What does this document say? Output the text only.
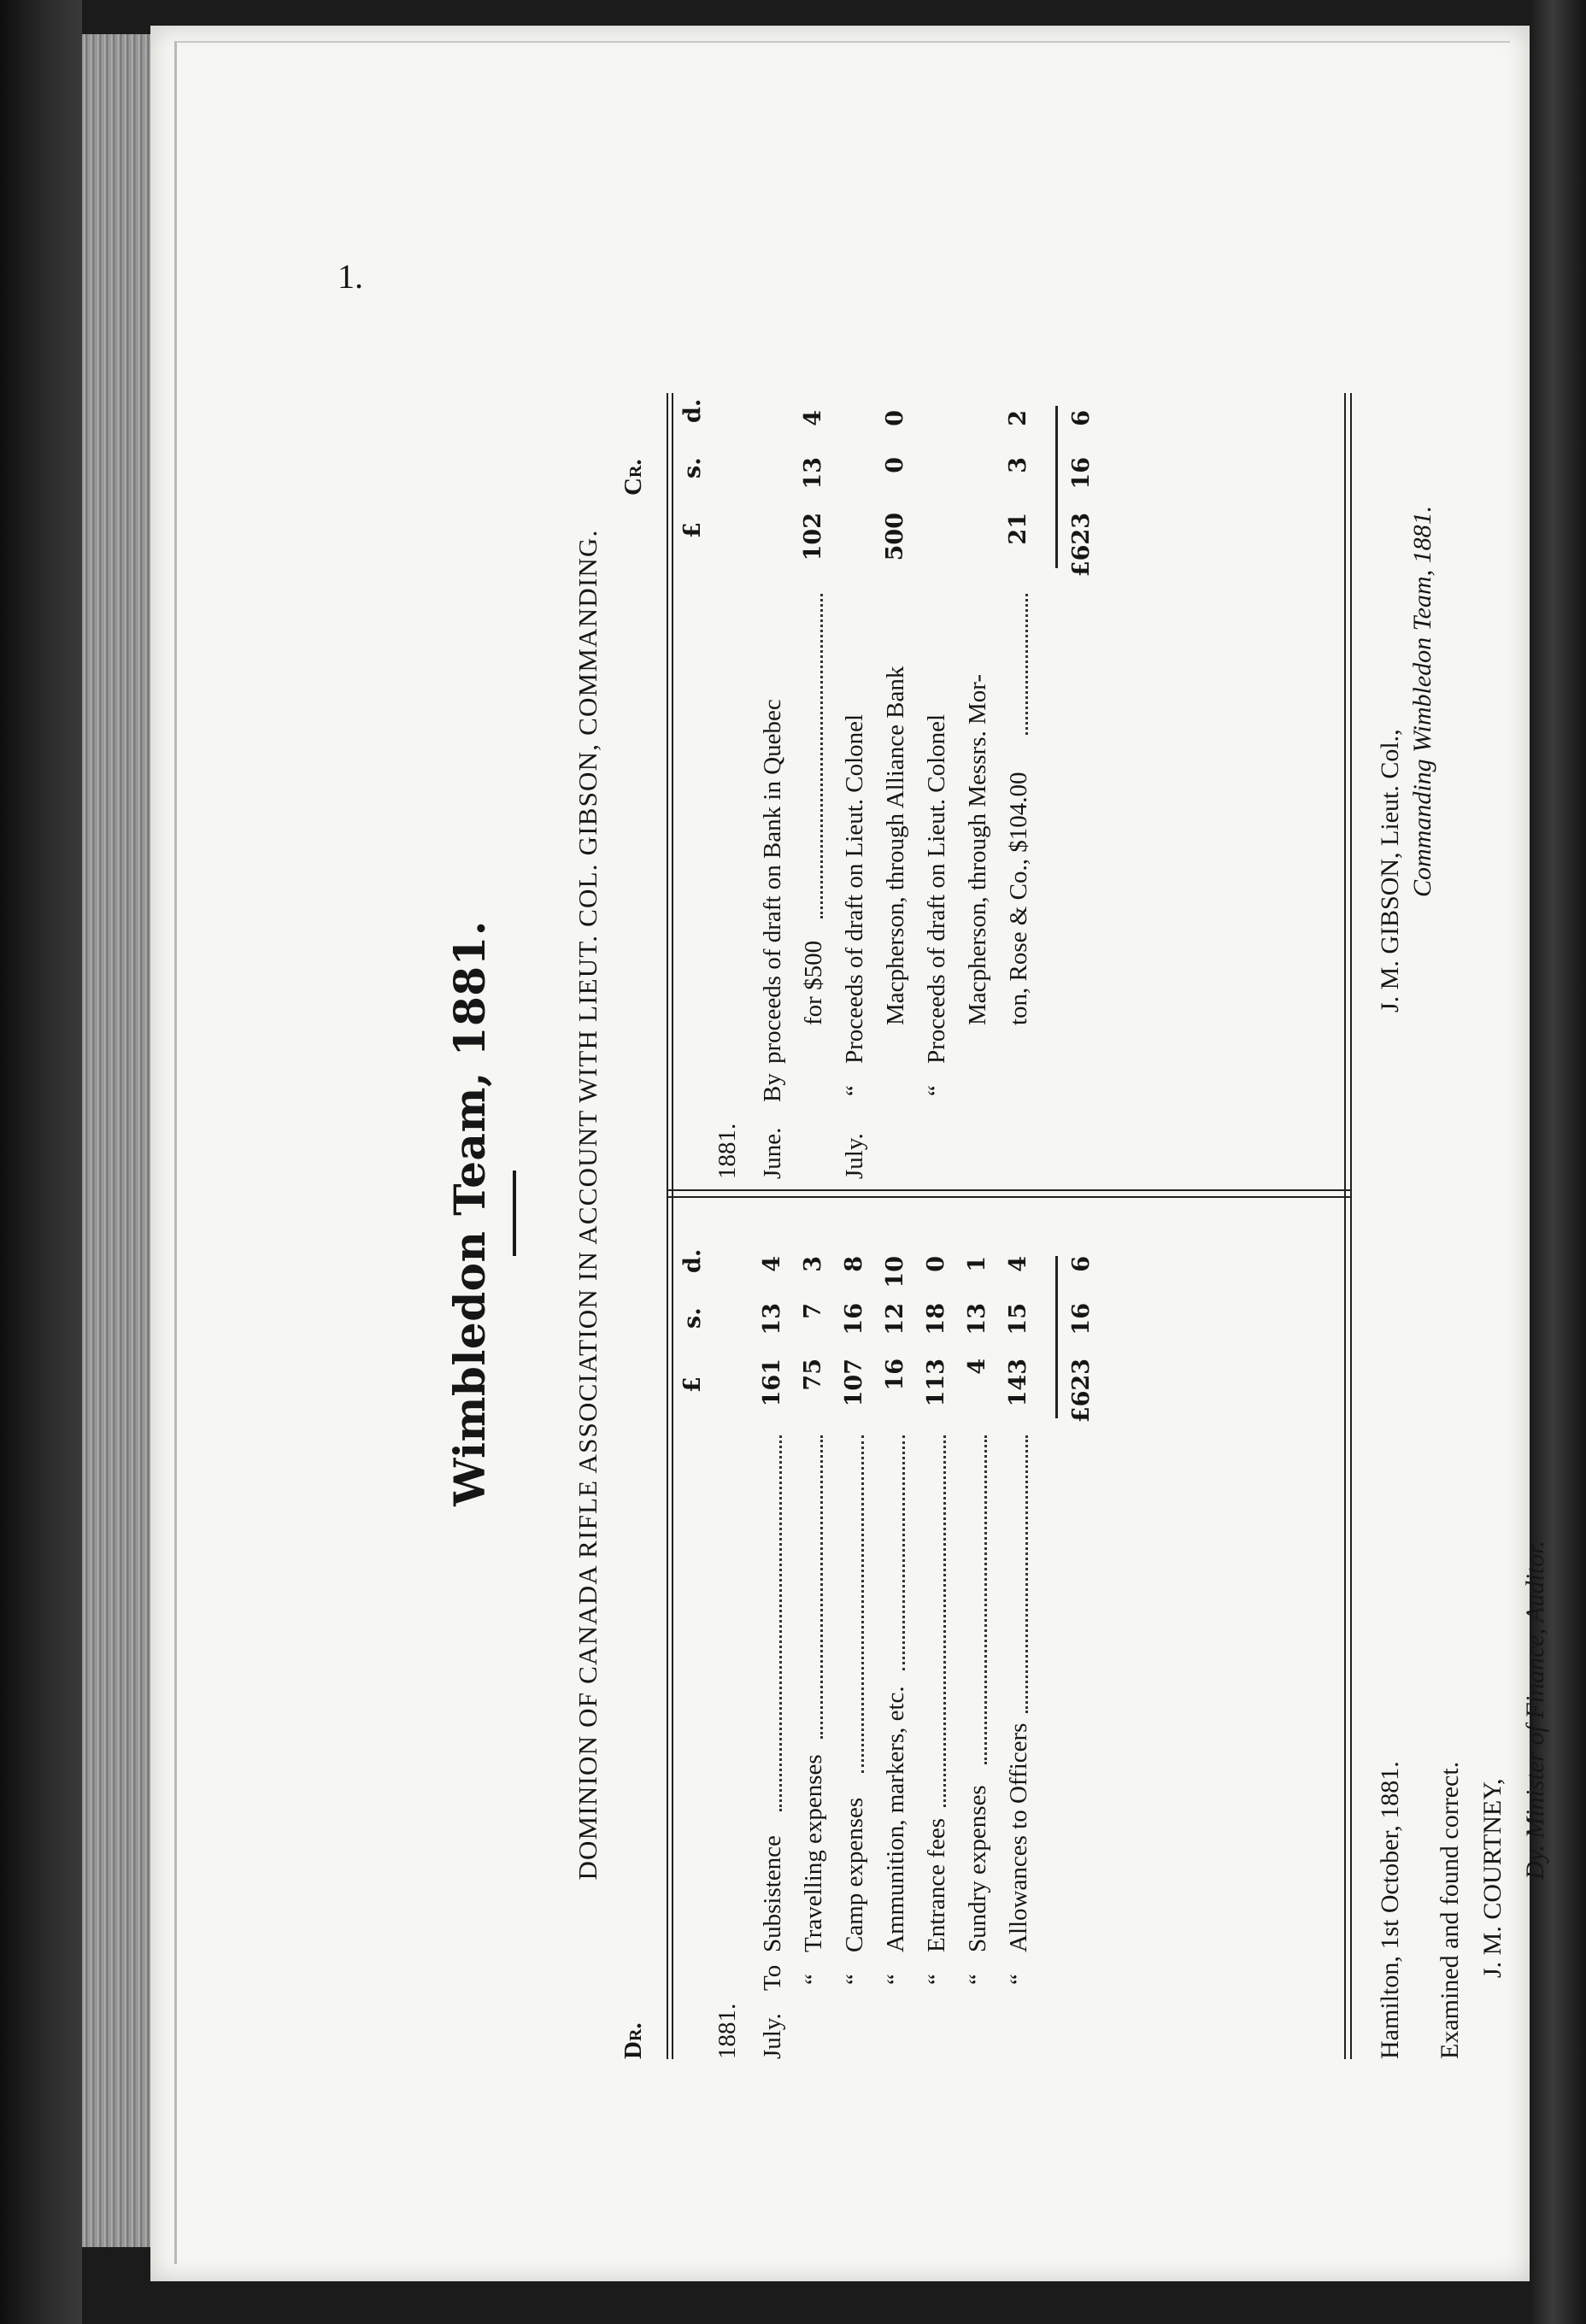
1.
Wimbledon Team, 1881.	DOMINION OF CANADA RIFLE ASSOCIATION IN ACCOUNT WITH LIEUT. COL. GIBSON, COMMANDING.
Dr.
Cr.
£
s.
d.
1881. July.
To
Subsistence
161
13
4
“
Travelling expenses
75
7
3
“
Camp expenses
107
16
8
“
Ammunition, markers, etc.
16
12
10
“
Entrance fees
113
18
0
“
Sundry expenses
4
13
1
“
Allowances to Officers
143
15
4
£623
16
6
£
s.
d.
1881. June.
By
proceeds of draft on Bank in Quebec for $500
102
13
4
July.
“
Proceeds of draft on Lieut. Colonel Macpherson, through Alliance Bank
500
0
0
“
Proceeds of draft on Lieut. Colonel Macpherson, through Messrs. Mor- ton, Rose & Co., $104.00
21
3
2
£623
16
6
Hamilton, 1st October, 1881.
J. M. GIBSON, Lieut. Col.,
Examined and found correct. J. M. COURTNEY, Dy. Minister of Finance, Auditor.
